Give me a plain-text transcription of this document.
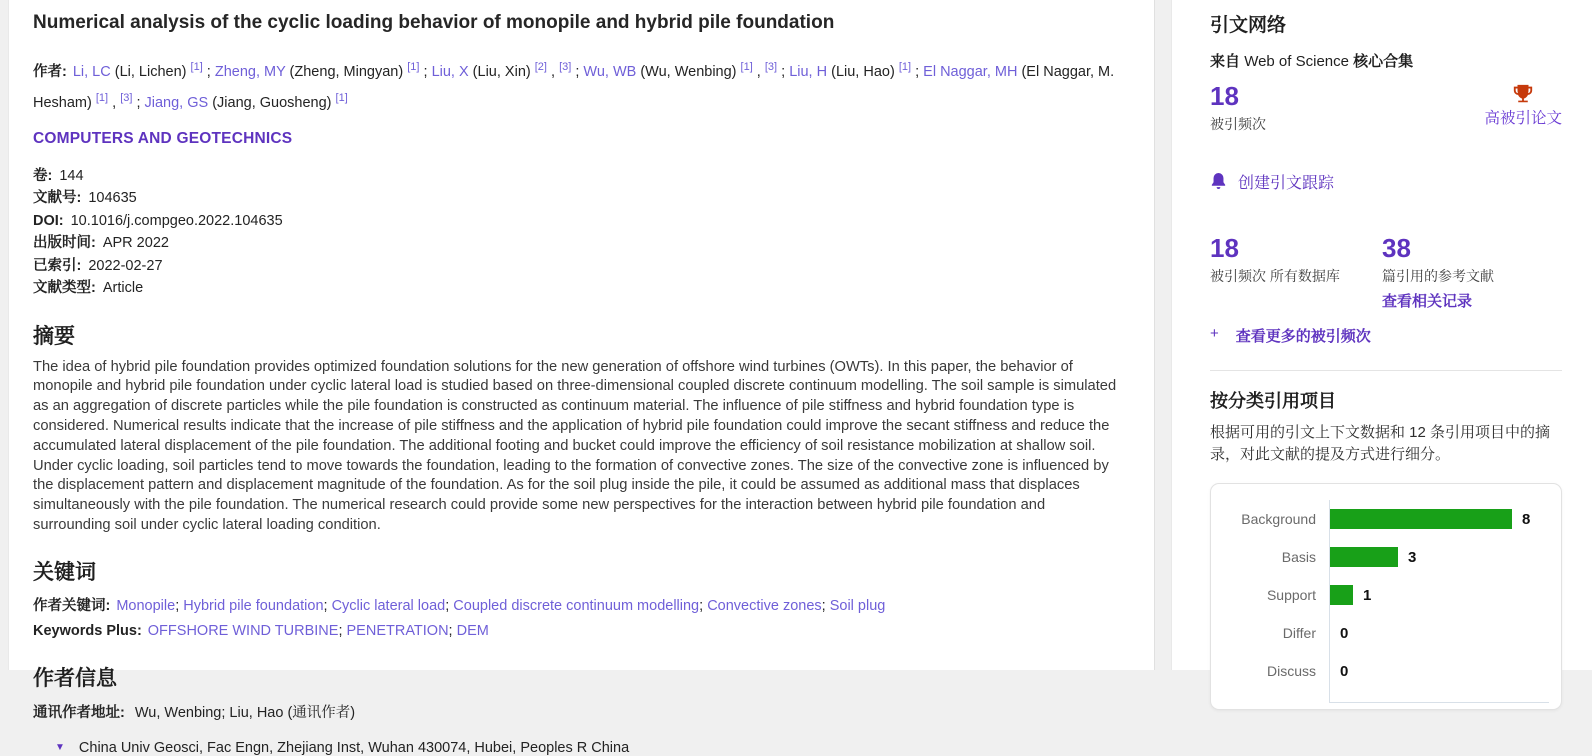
Numerical analysis of the cyclic loading behavior of monopile and hybrid pile foundation
作者: Li, LC (Li, Lichen) [1] ; Zheng, MY (Zheng, Mingyan) [1] ; Liu, X (Liu, Xin) [2] , [3] ; Wu, WB (Wu, Wenbing) [1] , [3] ; Liu, H (Liu, Hao) [1] ; El Naggar, MH (El Naggar, M. Hesham) [1] , [3] ; Jiang, GS (Jiang, Guosheng) [1]
COMPUTERS AND GEOTECHNICS
卷: 144
文献号: 104635
DOI: 10.1016/j.compgeo.2022.104635
出版时间: APR 2022
已索引: 2022-02-27
文献类型: Article
摘要

The idea of hybrid pile foundation provides optimized foundation solutions for the new generation of offshore wind turbines (OWTs). In this paper, the behavior of monopile and hybrid pile foundation under cyclic lateral load is studied based on three-dimensional coupled discrete continuum modelling. The soil sample is simulated as an aggregation of discrete particles while the pile foundation is constructed as continuum material. The influence of pile stiffness and hybrid foundation type is considered. Numerical results indicate that the increase of pile stiffness and the application of hybrid pile foundation could improve the secant stiffness and reduce the accumulated lateral displacement of the pile foundation. The additional footing and bucket could improve the efficiency of soil resistance mobilization at shallow soil. Under cyclic loading, soil particles tend to move towards the foundation, leading to the formation of convective zones. The size of the convective zone is influenced by the displacement pattern and displacement magnitude of the foundation. As for the soil plug inside the pile, it could be assumed as additional mass that displaces simultaneously with the pile foundation. The numerical research could provide some new perspectives for the interaction between hybrid pile foundation and surrounding soil under cyclic lateral loading condition.

关键词
作者关键词: Monopile; Hybrid pile foundation; Cyclic lateral load; Coupled discrete continuum modelling; Convective zones; Soil plug
Keywords Plus: OFFSHORE WIND TURBINE; PENETRATION; DEM
作者信息
通讯作者地址: Wu, Wenbing; Liu, Hao (通讯作者)
▼ China Univ Geosci, Fac Engn, Zhejiang Inst, Wuhan 430074, Hubei, Peoples R China
引文网络
来自 Web of Science 核心合集
18
被引频次	高被引论文
创建引文跟踪
18
被引频次 所有数据库
38
篇引用的参考文献
查看相关记录
+ 查看更多的被引频次
按分类引用项目

根据可用的引文上下文数据和 12 条引用项目中的摘录，对此文献的提及方式进行细分。

Background
Basis
Support
Differ
Discuss
8
3
1
0
0
